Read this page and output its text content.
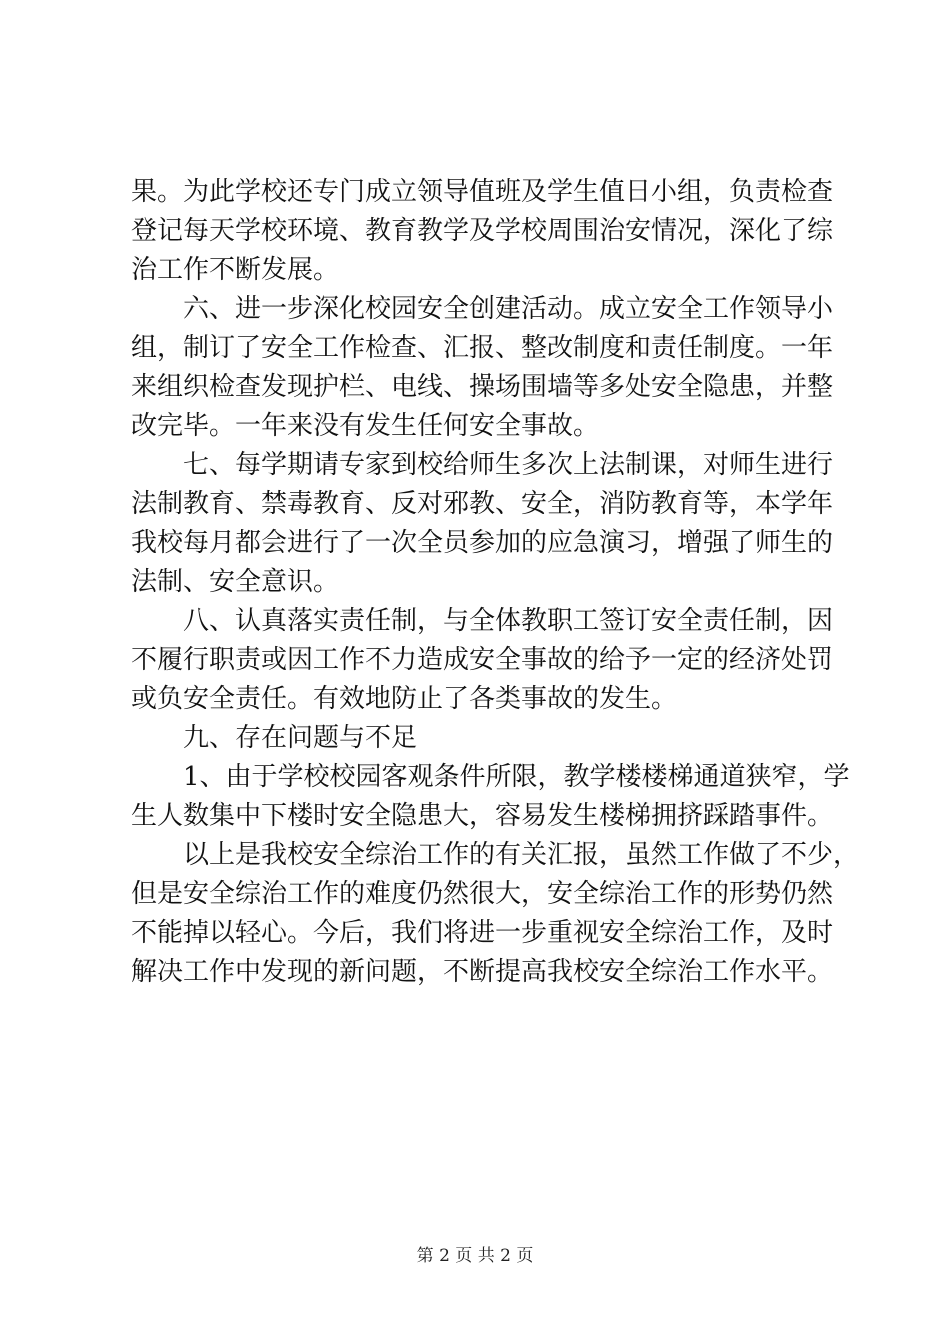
果。为此学校还专门成立领导值班及学生值日小组，负责检查
登记每天学校环境、教育教学及学校周围治安情况，深化了综
治工作不断发展。
　　六、进一步深化校园安全创建活动。成立安全工作领导小
组，制订了安全工作检查、汇报、整改制度和责任制度。一年
来组织检查发现护栏、电线、操场围墙等多处安全隐患，并整
改完毕。一年来没有发生任何安全事故。
　　七、每学期请专家到校给师生多次上法制课，对师生进行
法制教育、禁毒教育、反对邪教、安全，消防教育等，本学年
我校每月都会进行了一次全员参加的应急演习，增强了师生的
法制、安全意识。
　　八、认真落实责任制，与全体教职工签订安全责任制，因
不履行职责或因工作不力造成安全事故的给予一定的经济处罚
或负安全责任。有效地防止了各类事故的发生。
　　九、存在问题与不足
　　1、由于学校校园客观条件所限，教学楼楼梯通道狭窄，学
生人数集中下楼时安全隐患大，容易发生楼梯拥挤踩踏事件。
　　以上是我校安全综治工作的有关汇报，虽然工作做了不少，
但是安全综治工作的难度仍然很大，安全综治工作的形势仍然
不能掉以轻心。今后，我们将进一步重视安全综治工作，及时
解决工作中发现的新问题，不断提高我校安全综治工作水平。
第 2 页 共 2 页
